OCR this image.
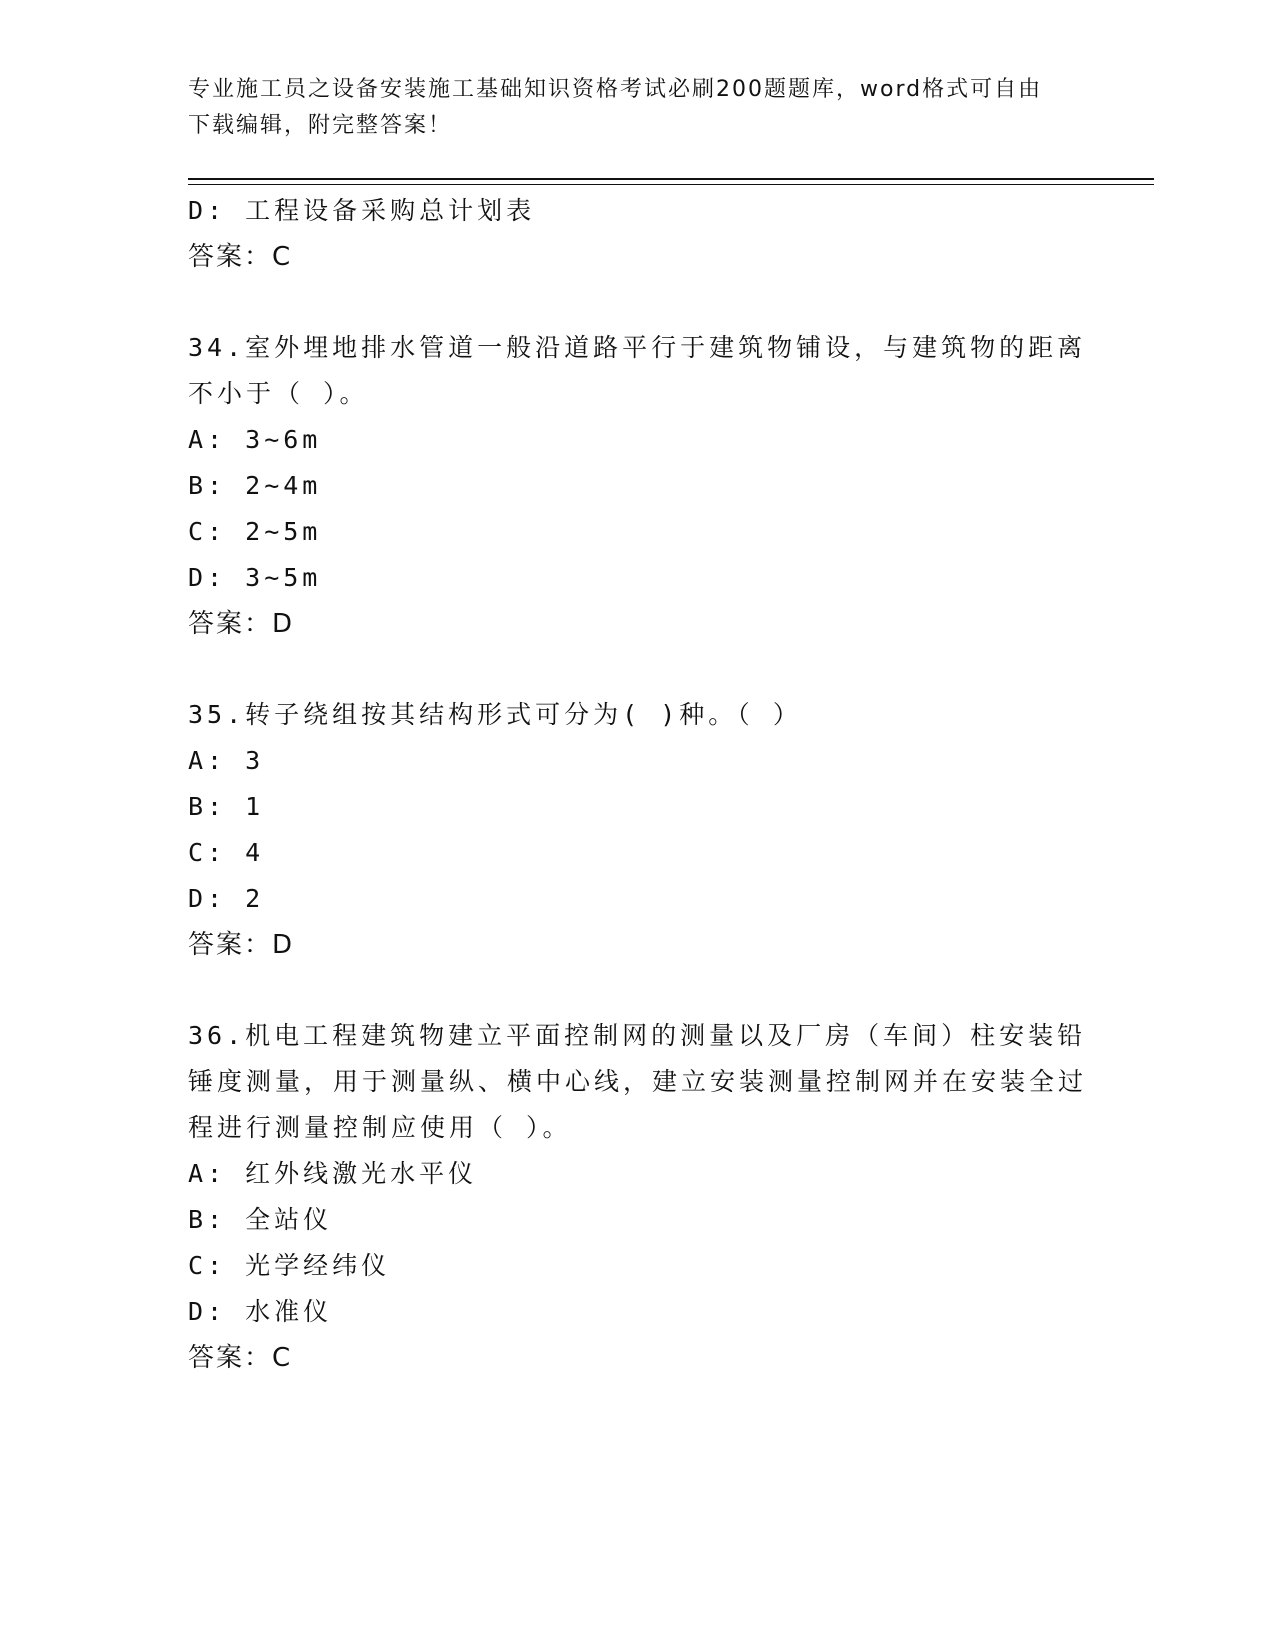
专业施工员之设备安装施工基础知识资格考试必刷200题题库，word格式可自由
下载编辑，附完整答案！
D: 工程设备采购总计划表
答案：C
34.室外埋地排水管道一般沿道路平行于建筑物铺设，与建筑物的距离不小于（ ）。
A: 3~6m
B: 2~4m
C: 2~5m
D: 3~5m
答案：D
35.转子绕组按其结构形式可分为( )种。（ ）
A: 3
B: 1
C: 4
D: 2
答案：D
36.机电工程建筑物建立平面控制网的测量以及厂房（车间）柱安装铅锤度测量，用于测量纵、横中心线，建立安装测量控制网并在安装全过程进行测量控制应使用（ ）。
A: 红外线激光水平仪
B: 全站仪
C: 光学经纬仪
D: 水准仪
答案：C
